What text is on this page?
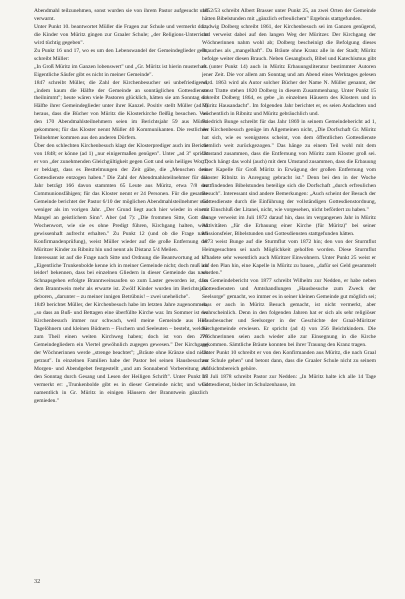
Abendmahl teilzunehmen, sonst wurden sie von ihrem Pastor aufgesucht und verwarnt.

Unter Punkt 10. beantwortet Müller die Fragen zur Schule und vermerkt dort, die Kinder von Müritz gingen zur Graaler Schule; „der Religions-Unterricht wird tüchtig gegeben".

Zu Punkt 16 und 17, wo es um den Lebenswandel der Gemeindeglieder geht, schreibt Müller:

„In Groß Müritz im Ganzen lobenswert" und „Gr. Müritz ist hierin musterhaft. Eigentliche Säufer gibt es nicht in meiner Gemeinde".

1847 schreibt Müller, die Zahl der Kirchenbesucher sei unbefriedigend, „indem kaum die Hälfte der Gemeinde an sonntäglichen Gottesdienste theilnimmt"; heute wären viele Pastoren glücklich, hätten sie am Sonntag die Hälfte ihrer Gemeindeglieder unter ihrer Kanzel. Positiv stellt Müller (ad 3) heraus, dass die Bücher von Müritz die Klosterkirche fleißig besuchen. Von den 170 Abendmahlsteilnehmern seien im Berichtsjahr 59 aus Müritz gekommen; für das Kloster nennt Müller 40 Kommunikanten. Die restlichen Teilnehmer kommen aus den anderen Dörfern.

Über den schlechten Kirchenbesuch klagt der Klosterprediger auch im Bericht von 1848; er könne (ad 1) „nur einigermaßen genügen". Unter „ad 3" spricht er von „der zunehmenden Gleichgültigkeit gegen Gott und sein heiliges Wort", er beklagt, dass es Besttelmungen der Zeit gäbe, die „Menschen dem Gottesdienste entzogen haben." Die Zahl der Abendmahlsteilnehmer für das Jahr beträgt 166 davon stammten 65 Leute aus Müritz, etwa 7/8 der Communionsfähigen; für das Kloster nennt er 24 Personen. Für die gesamte Gemeinde berichtet der Pastor 6/10 der möglichen Abendmahlsteilnehmer und weniger als im vorigen Jahr. „Der Grund liegt auch hier wieder in einem Mangel an geistlichem Sinn". Aber (ad 7): „Die frommen Sitte, Gott das Wochenwort, wie sie es ohne Predigt führen, Kirchgang halten, wird gewissenhaft aufrecht erhalten." Zu Punkt 12 (und ob die Frage nach Konfirmandenprüfung), weist Müller wieder auf die große Entfernung der Müritzer Kinder zu Ribnitz hin und nennt als Distanz 5/4 Meilen.

Interessant ist auf die Frage nach Sitte und Ordnung die Beantwortung ad 17: „Eigentliche Trunkenbolde kenne ich in meiner Gemeinde nicht; doch muß ich leider! bekennen, dass bei einzelnen Gliedern in dieser Gemeinde das nach Schnapsgehen erfolgte Branntweinsaufen so zum Laster geworden ist, dass dem Branntwein mehr als erwarte ist. Zwölf Kinder wurden im Berichtsjahr geboren, „darunter – zu meiner innigen Betrübnis! – zwei uneheliche".

1849 berichtet Müller, der Kirchenbesuch habe im letzten Jahre zugenommen, „so dass an Buß- und Bettagen eine überfüllte Kirche war. Im Sommer ist der Kirchenbesuch immer nur schwach, weil meine Gemeinde aus Hof-Tagelöhnern und kleinen Büdnern – Fischern und Seeleuten – besteht, welche zum Theil einen weiten Kirchweg haben; doch ist von den 279 Gemeindegliedern ein Viertel gewöhnlich zugegen gewesen." Der Kirchgang der Wöchnerinnen werde „strenge beachtet"; „Bräute ohne Kränze sind nicht getraut". In einzelnen Familien habe der Pastor bei seinen Hausbesuchen Morgen- und Abendgebet festgestellt „und am Sonnabend Vorbereitung auf den Sonntag durch Gesang und Lesen der Heiligen Schrift". Unter Punkt 17 vermerkt er: „Trunkenbolde gibt es in dieser Gemeinde nicht; und wird namentlich in Gr. Müritz in einigen Häusern der Branntwein gänzlich gemieden."

1852/53 schreibt Albert Brasser unter Punkt 25, an zwei Orten der Gemeinde hätten Bibelstunden mit „gänzlich erfreulichem" Ergebnis stattgefunden.

Ludwig Dolberg schreibt 1861, der Kirchenbesuch sei im Ganzen genügend, und verweist dabei auf den langen Weg der Müritzer. Der Kirchgang der Wöchnerinnen nahm wohl ab; Dolberg bescheinigt die Befolgung dieses Brauches als „mangelhaft". Da Bräute ohne Kranz alle in der Stadt; Müritz befolge weiter diesen Brauch. Neben Gesangbuch, Bibel und Katechismus gibt es (unter Punkt 14) auch in Müritz Erbauungsliteratur bestimmter Autoren jener Zeit. Die vor allem am Sonntag und am Abend eines Werktages gelesen wird. 1863 wird als Autor solcher Bücher der Name N. Müller genannt, der sonst Tratte stehen 1820 Dolberg in diesem Zusammenhang. Unter Punkt 15 schreibt Dolberg 1864, es gebe „in einzelnen Häusern des Klosters und in Müritz Hausandacht". Im folgenden Jahr berichtet er, es seien Andachten und wöchentlich in Ribnitz und Müritz gebräuchlich und.

Friedrich Bunge schreibt für das Jahr 1869 in seinem Gemeindebericht ad 1, der Kirchenbesuch genüge im Allgemeinen nicht, „Die Dorfschaft Gr. Müritz hat sich, wie es wenigstens scheint, von dem öffentlichen Gottesdienste ziemlich weit zurückgezogen." Das hänge zu einem Teil wohl mit dem Umstand zusammen, dass die Entfernung von Müritz zum Kloster groß sei. „Doch hängt das wohl (auch) mit dem Umstand zusammen, dass die Erbauung einer Kapelle für Groß Müritz in Erwägung der großen Entfernung vom Kloster Ribnitz in Anregung gebracht ist." Denn bei den in der Woche stattfindenden Bibelstunden beteilige sich die Dorfschaft „durch erfreulichen Besuch". Interessant sind andere Bemerkungen: „Auch scheint der Besuch der Gottesdienste durch die Einführung der vollständigen Gottesdienstordnung, mit Einschluß der Litanei, nicht, wie vorgesehen, nicht befördert zu haben."

Bunge verweist im Juli 1872 darauf hin, dass im vergangenen Jahr in Müritz Aktivitäten „für die Erbauung einer Kirche (für Müritz)" bei seiner Missionsfeier, Bibelstunden und Gottesdiensten stattgefunden hätten.

1873 weist Bunge auf die Sturmflut vom 1872 hin; den von der Sturmflut Heimgesuchten sei nach Möglichkeit geholfen worden. Diese Sturmflut schadete sehr wesentlich auch Müritzer Einwohnern. Unter Punkt 25 weist er auf den Plan hin, eine Kapelle in Müritz zu bauen, „dafür sei Geld gesammelt worden."

Im Gemeindebericht von 1877 schreibt Wilhelm zur Nedden, er habe neben Gottesdiensten und Amtshandlungen „Hausbesuche zum Zweck der Seelsorge" gemacht, wo immer es in seiner kleinen Gemeinde gut möglich sei; dass er auch in Müritz Besuch gemacht, ist nicht vermerkt, aber wahrscheinlich. Denn in den folgenden Jahren hat er sich als sehr religiöser Hausbesucher und Seelsorger in der Geschichte der Graal-Müritzer Kirchgemeinde erwiesen. Er spricht (ad 4) von 256 Beichtkindern. Die Wöchnerinnen seien auch wieder alle zur Einsegnung in die Kirche gekommen. Sämtliche Bräute konnten bei ihrer Trauung den Kranz tragen.

Unter Punkt 10 schreibt er von den Konfirmanden aus Müritz, die nach Graal zur Schule gehen" und betont dann, dass die Graaler Schule nicht zu seinem Aufsichtsbereich gehöre.

Im Juli 1878 schreibt Pastor zur Nedden: „In Müritz halte ich alle 14 Tage Gottesdienst, bisher im Schulzenhause, im

32
